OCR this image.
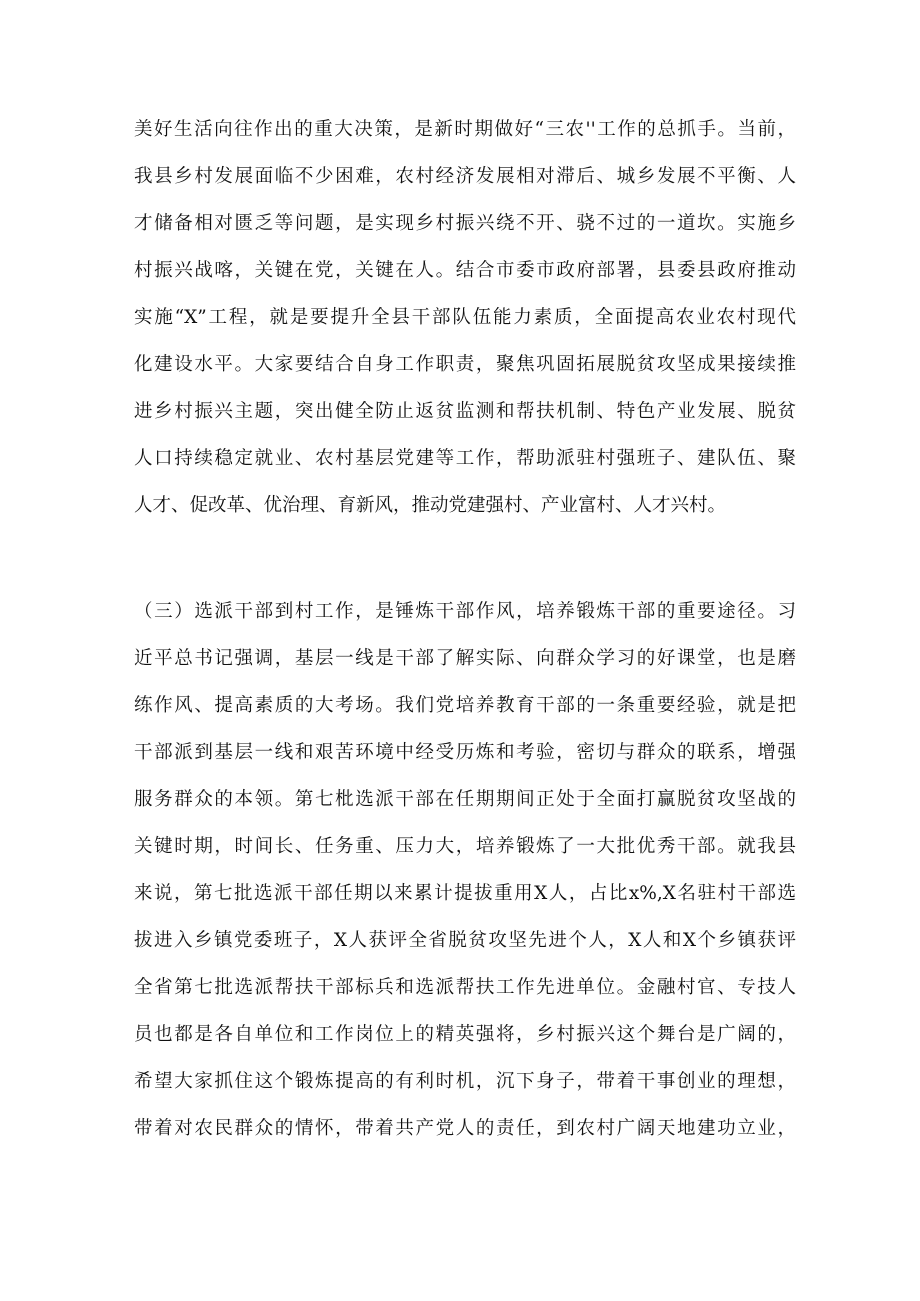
美好生活向往作出的重大决策，是新时期做好“三农''工作的总抓手。当前，
我县乡村发展面临不少困难，农村经济发展相对滞后、城乡发展不平衡、人
才储备相对匮乏等问题，是实现乡村振兴绕不开、骁不过的一道坎。实施乡
村振兴战喀，关键在党，关键在人。结合市委市政府部署，县委县政府推动
实施“X”工程，就是要提升全县干部队伍能力素质，全面提高农业农村现代
化建设水平。大家要结合自身工作职责，聚焦巩固拓展脱贫攻坚成果接续推
进乡村振兴主题，突出健全防止返贫监测和帮扶机制、特色产业发展、脱贫
人口持续稳定就业、农村基层党建等工作，帮助派驻村强班子、建队伍、聚
人才、促改革、优治理、育新风，推动党建强村、产业富村、人才兴村。
（三）选派干部到村工作，是锤炼干部作风，培养锻炼干部的重要途径。习
近平总书记强调，基层一线是干部了解实际、向群众学习的好课堂，也是磨
练作风、提高素质的大考场。我们党培养教育干部的一条重要经验，就是把
干部派到基层一线和艰苦环境中经受历炼和考验，密切与群众的联系，增强
服务群众的本领。第七枇选派干部在任期期间正处于全面打赢脱贫攻坚战的
关键时期，时间长、任务重、压力大，培养锻炼了一大批优秀干部。就我县
来说，第七批选派干部任期以来累计提拔重用X人，占比x%,X名驻村干部选
拔进入乡镇党委班子，X人获评全省脱贫攻坚先进个人，X人和X个乡镇获评
全省第七批选派帮扶干部标兵和选派帮扶工作先进单位。金融村官、专技人
员也都是各自单位和工作岗位上的精英强将，乡村振兴这个舞台是广阔的，
希望大家抓住这个锻炼提高的有利时机，沉下身子，带着干事创业的理想，
带着对农民群众的情怀，带着共产党人的责任，到农村广阔天地建功立业，
